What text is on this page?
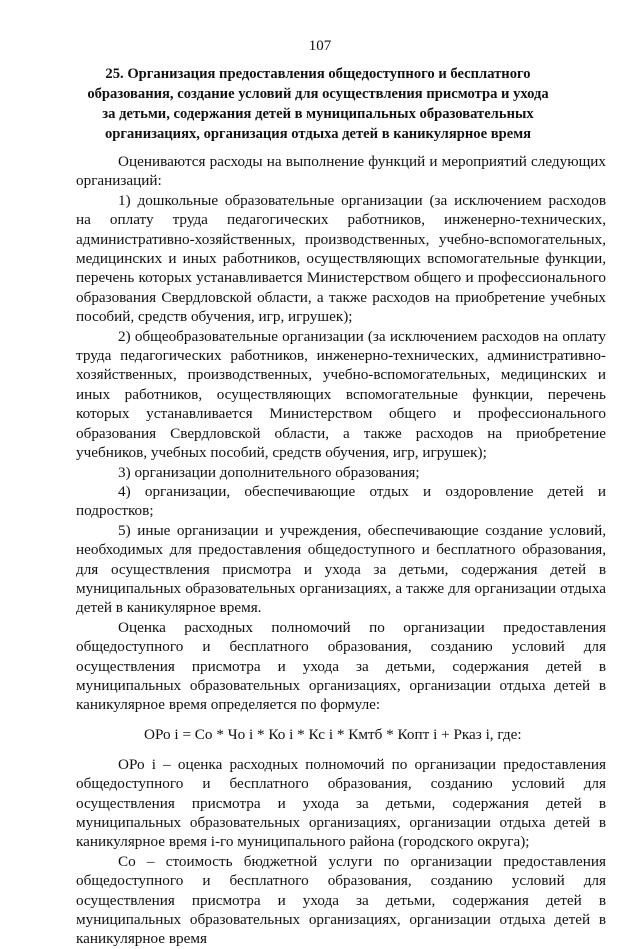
107
25. Организация предоставления общедоступного и бесплатного
образования, создание условий для осуществления присмотра и ухода
за детьми, содержания детей в муниципальных образовательных
организациях, организация отдыха детей в каникулярное время

Оцениваются расходы на выполнение функций и мероприятий следующих организаций:

1) дошкольные образовательные организации (за исключением расходов на оплату труда педагогических работников, инженерно-технических, административно-хозяйственных, производственных, учебно-вспомогательных, медицинских и иных работников, осуществляющих вспомогательные функции, перечень которых устанавливается Министерством общего и профессионального образования Свердловской области, а также расходов на приобретение учебных пособий, средств обучения, игр, игрушек);

2) общеобразовательные организации (за исключением расходов на оплату труда педагогических работников, инженерно-технических, административно-хозяйственных, производственных, учебно-вспомогательных, медицинских и иных работников, осуществляющих вспомогательные функции, перечень которых устанавливается Министерством общего и профессионального образования Свердловской области, а также расходов на приобретение учебников, учебных пособий, средств обучения, игр, игрушек);

3) организации дополнительного образования;

4) организации, обеспечивающие отдых и оздоровление детей и подростков;

5) иные организации и учреждения, обеспечивающие создание условий, необходимых для предоставления общедоступного и бесплатного образования, для осуществления присмотра и ухода за детьми, содержания детей в муниципальных образовательных организациях, а также для организации отдыха детей в каникулярное время.

Оценка расходных полномочий по организации предоставления общедоступного и бесплатного образования, созданию условий для осуществления присмотра и ухода за детьми, содержания детей в муниципальных образовательных организациях, организации отдыха детей в каникулярное время определяется по формуле:

ОРо i = Со * Чо i * Ко i * Кс i * Кмтб * Копт i + Рказ i, где:

ОРо i – оценка расходных полномочий по организации предоставления общедоступного и бесплатного образования, созданию условий для осуществления присмотра и ухода за детьми, содержания детей в муниципальных образовательных организациях, организации отдыха детей в каникулярное время i-го муниципального района (городского округа);

Со – стоимость бюджетной услуги по организации предоставления общедоступного и бесплатного образования, созданию условий для осуществления присмотра и ухода за детьми, содержания детей в муниципальных образовательных организациях, организации отдыха детей в каникулярное время
